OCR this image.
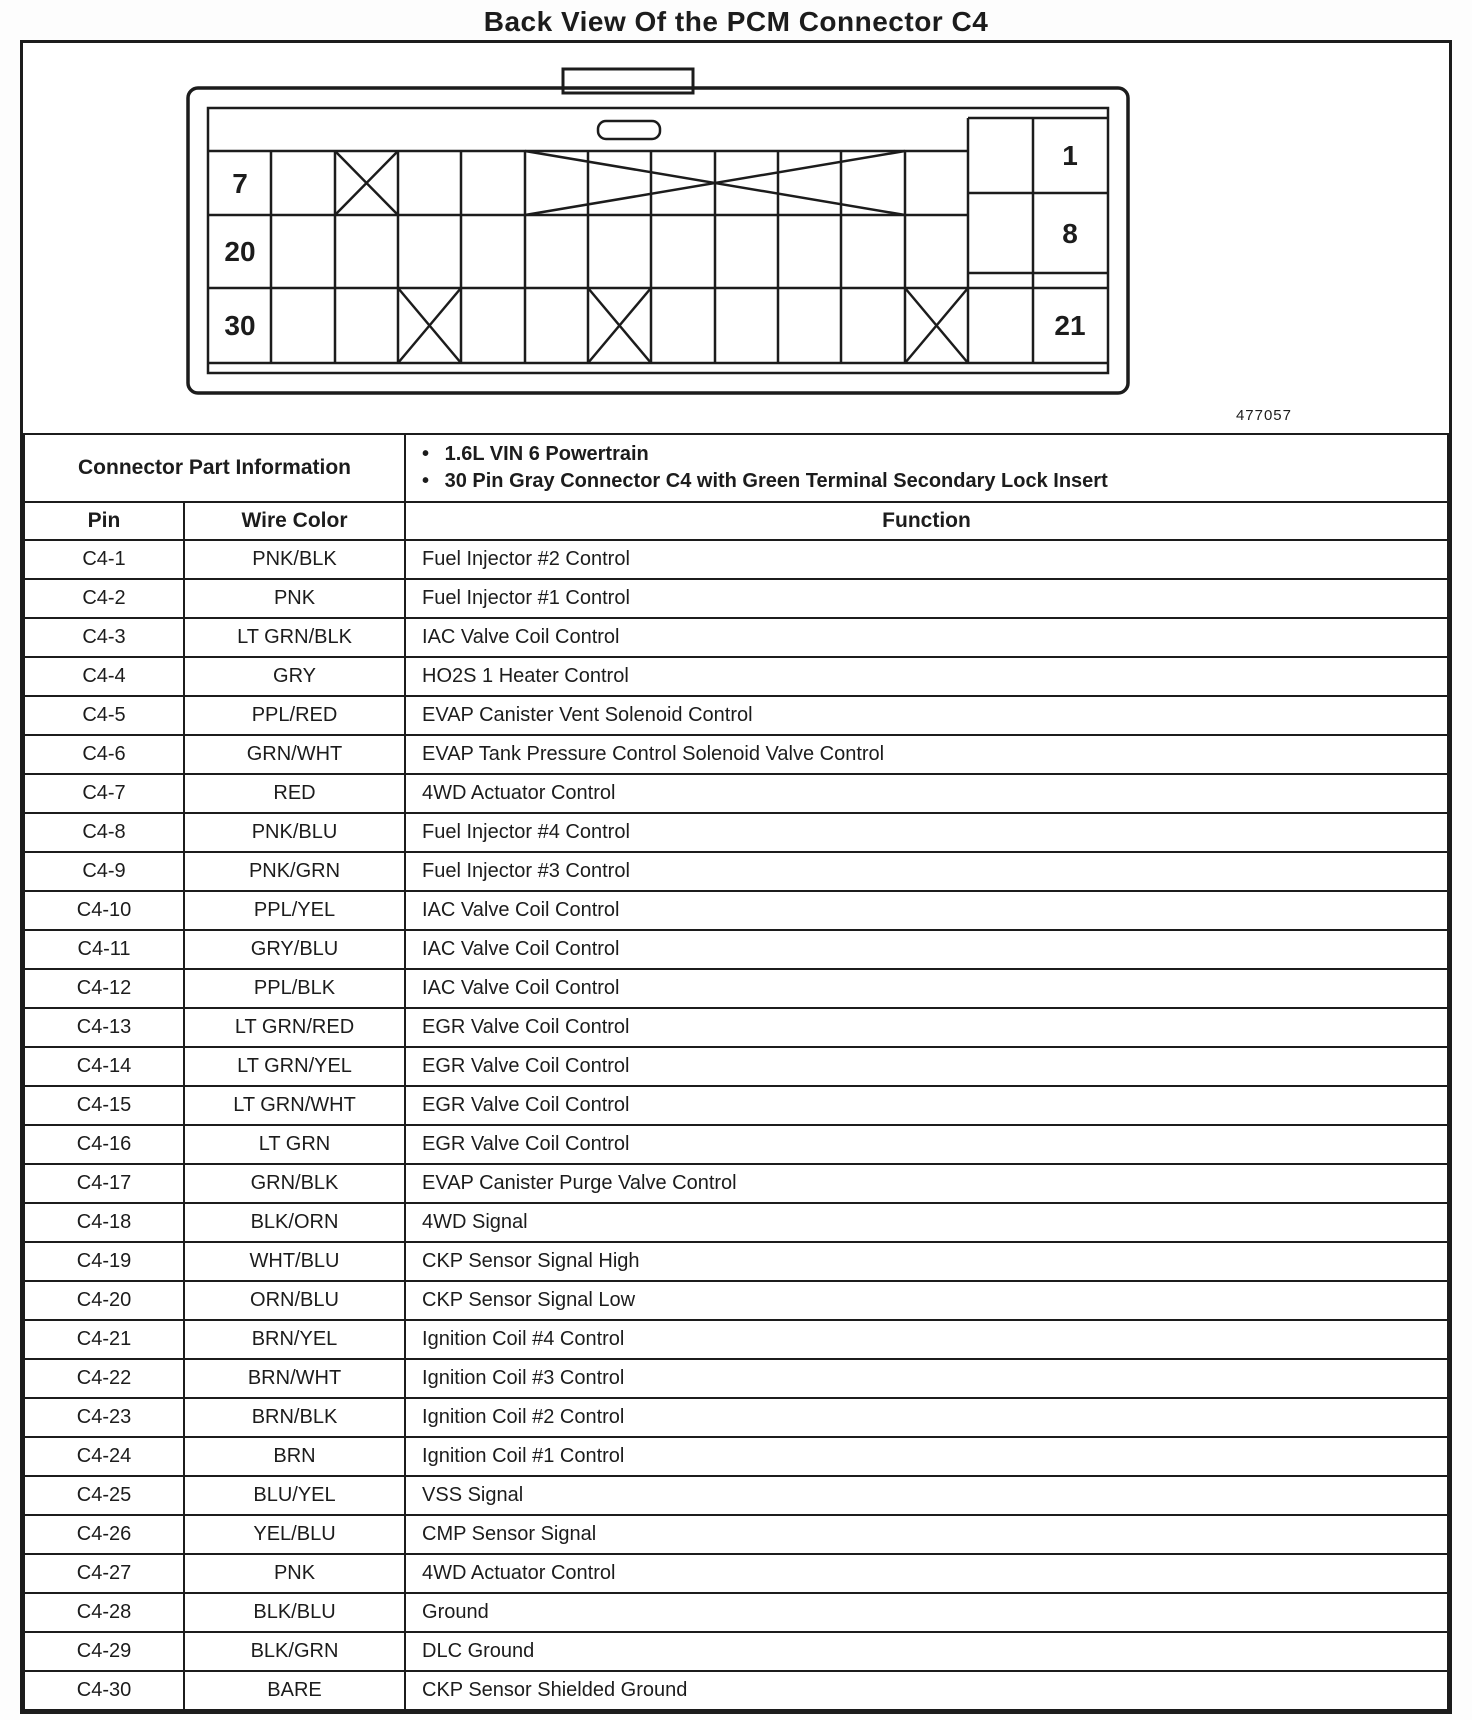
Back View Of the PCM Connector C4
7
20
30
1
8
21
477057
Connector Part Information		• 1.6L VIN 6 Powertrain
• 30 Pin Gray Connector C4 with Green Terminal Secondary Lock Insert

Pin	Wire Color	Function
C4-1	PNK/BLK	Fuel Injector #2 Control
C4-2	PNK	Fuel Injector #1 Control
C4-3	LT GRN/BLK	IAC Valve Coil Control
C4-4	GRY	HO2S 1 Heater Control
C4-5	PPL/RED	EVAP Canister Vent Solenoid Control
C4-6	GRN/WHT	EVAP Tank Pressure Control Solenoid Valve Control
C4-7	RED	4WD Actuator Control
C4-8	PNK/BLU	Fuel Injector #4 Control
C4-9	PNK/GRN	Fuel Injector #3 Control
C4-10	PPL/YEL	IAC Valve Coil Control
C4-11	GRY/BLU	IAC Valve Coil Control
C4-12	PPL/BLK	IAC Valve Coil Control
C4-13	LT GRN/RED	EGR Valve Coil Control
C4-14	LT GRN/YEL	EGR Valve Coil Control
C4-15	LT GRN/WHT	EGR Valve Coil Control
C4-16	LT GRN	EGR Valve Coil Control
C4-17	GRN/BLK	EVAP Canister Purge Valve Control
C4-18	BLK/ORN	4WD Signal
C4-19	WHT/BLU	CKP Sensor Signal High
C4-20	ORN/BLU	CKP Sensor Signal Low
C4-21	BRN/YEL	Ignition Coil #4 Control
C4-22	BRN/WHT	Ignition Coil #3 Control
C4-23	BRN/BLK	Ignition Coil #2 Control
C4-24	BRN	Ignition Coil #1 Control
C4-25	BLU/YEL	VSS Signal
C4-26	YEL/BLU	CMP Sensor Signal
C4-27	PNK	4WD Actuator Control
C4-28	BLK/BLU	Ground
C4-29	BLK/GRN	DLC Ground
C4-30	BARE	CKP Sensor Shielded Ground
